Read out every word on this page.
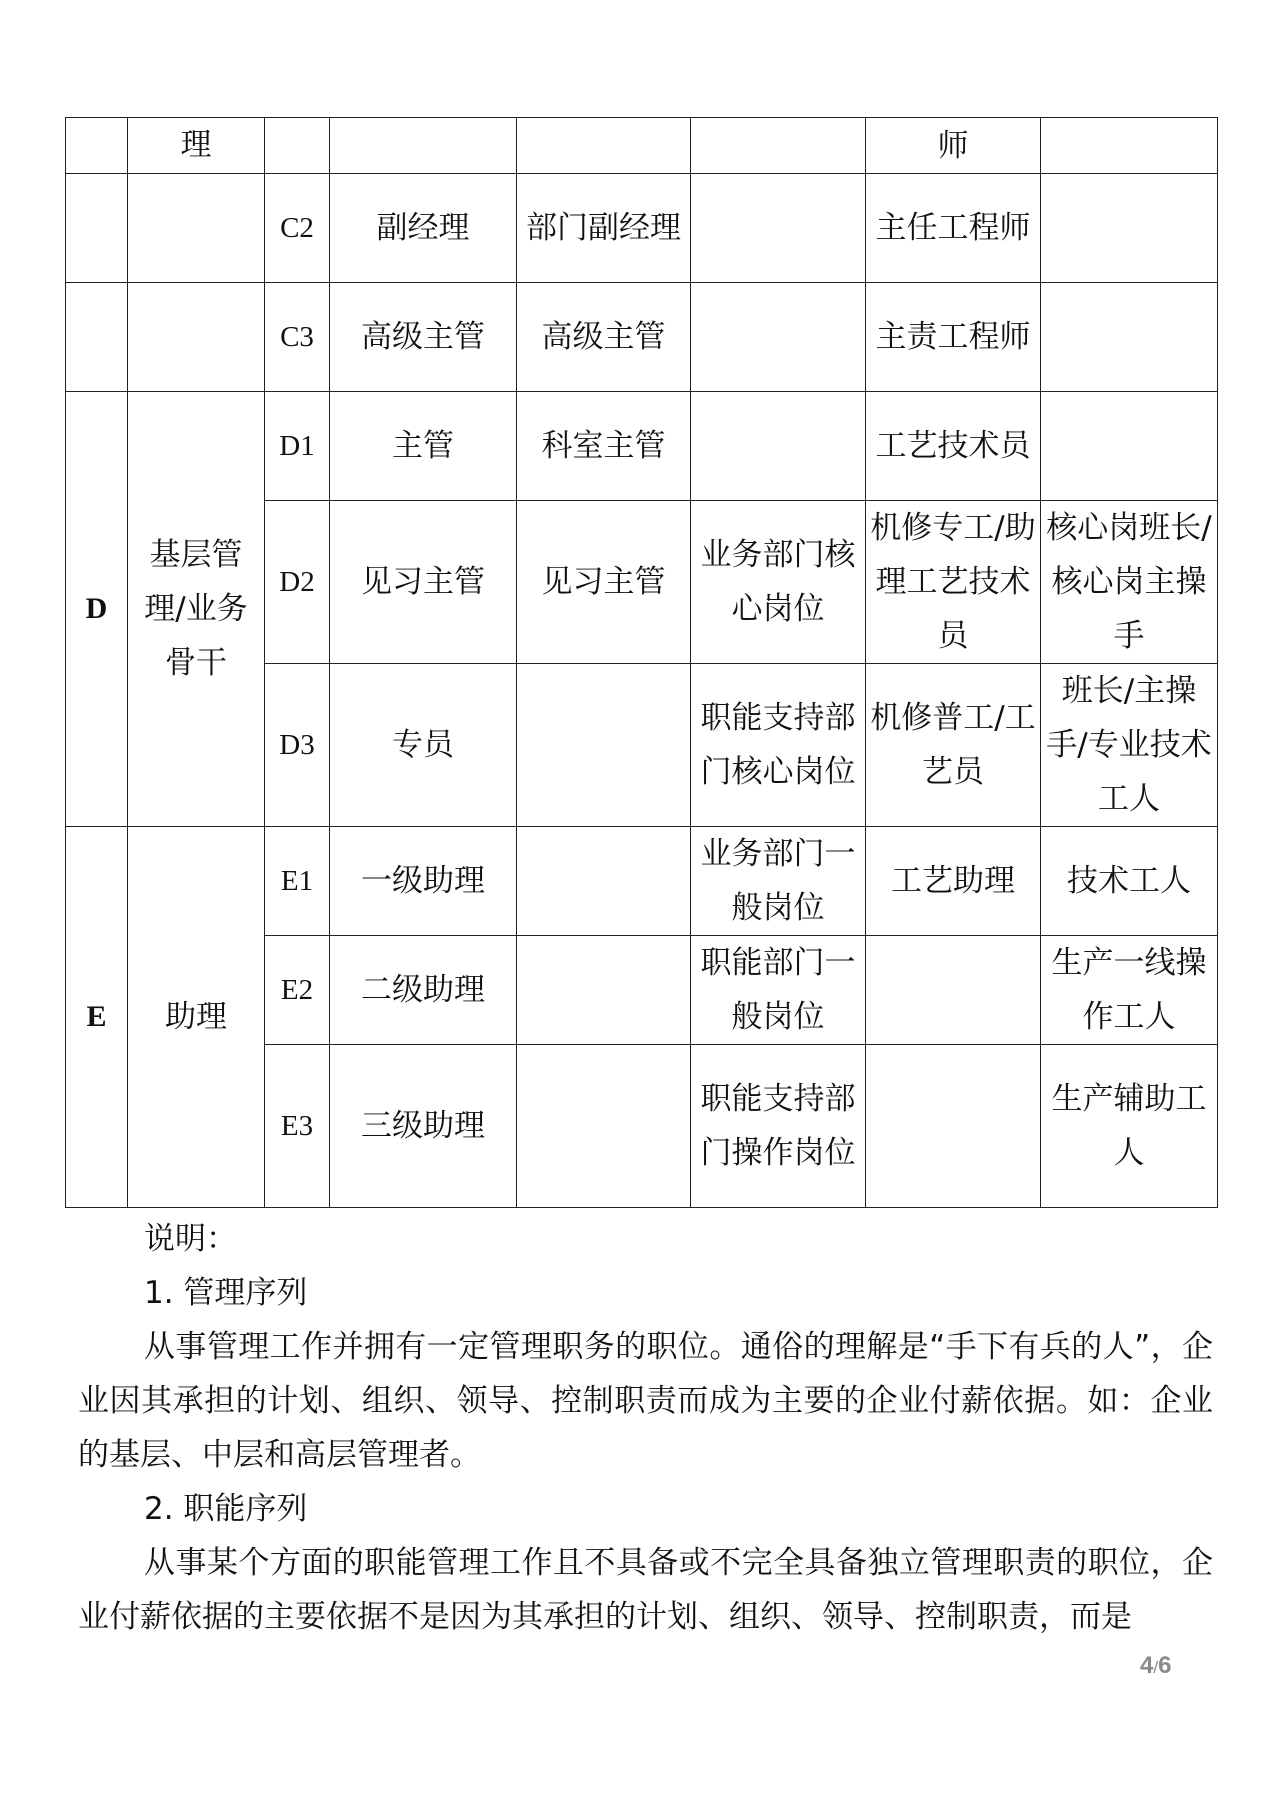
	理					师	
		C2	副经理	部门副经理		主任工程师	
		C3	高级主管	高级主管		主责工程师	
D	基层管理/业务骨干	D1	主管	科室主管		工艺技术员	
		D2	见习主管	见习主管	业务部门核心岗位	机修专工/助理工艺技术员	核心岗班长/核心岗主操手
		D3	专员		职能支持部门核心岗位	机修普工/工艺员	班长/主操手/专业技术工人
E	助理	E1	一级助理		业务部门一般岗位	工艺助理	技术工人
		E2	二级助理		职能部门一般岗位		生产一线操作工人
		E3	三级助理		职能支持部门操作岗位		生产辅助工人

说明：

1. 管理序列

从事管理工作并拥有一定管理职务的职位。通俗的理解是“手下有兵的人”，企业因其承担的计划、组织、领导、控制职责而成为主要的企业付薪依据。如：企业的基层、中层和高层管理者。

2. 职能序列

从事某个方面的职能管理工作且不具备或不完全具备独立管理职责的职位，企业付薪依据的主要依据不是因为其承担的计划、组织、领导、控制职责，而是

4/6
